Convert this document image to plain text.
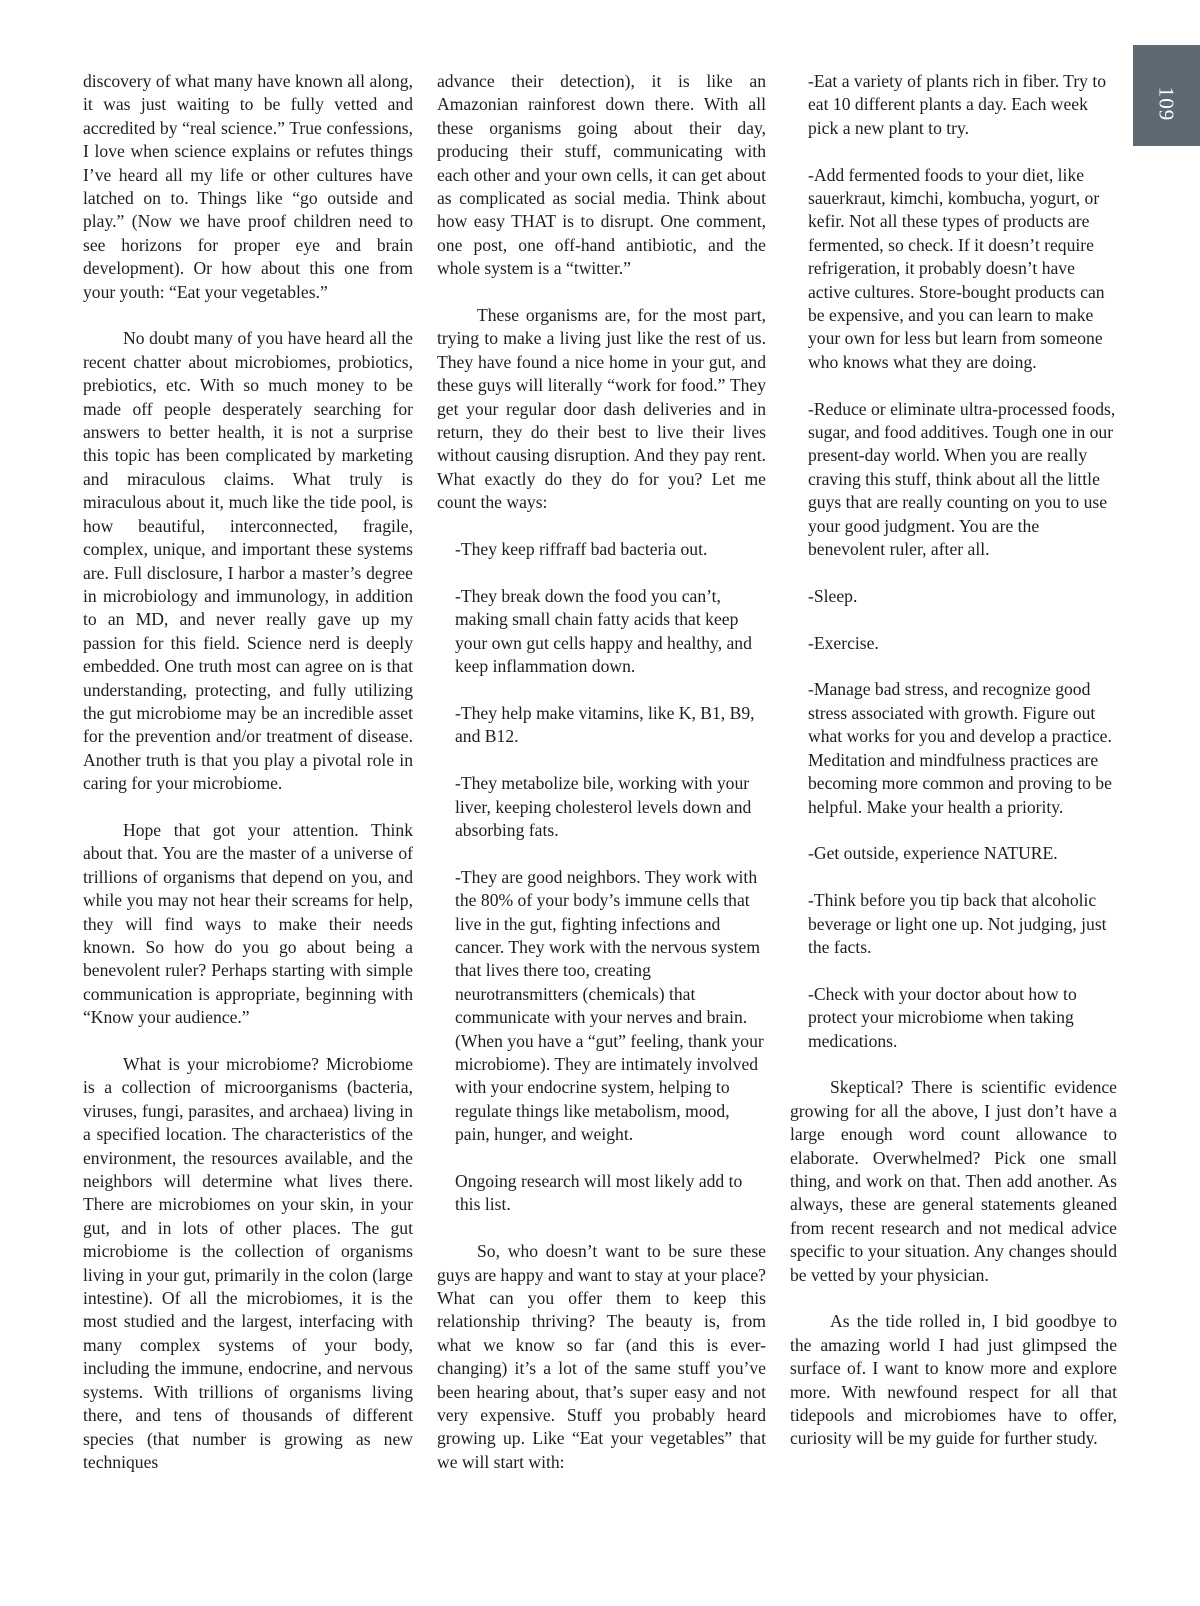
109

discovery of what many have known all along, it was just waiting to be fully vetted and accredited by “real science.” True confessions, I love when science explains or refutes things I’ve heard all my life or other cultures have latched on to. Things like “go outside and play.” (Now we have proof children need to see horizons for proper eye and brain development). Or how about this one from your youth: “Eat your vegetables.”

No doubt many of you have heard all the recent chatter about microbiomes, probiotics, prebiotics, etc. With so much money to be made off people desperately searching for answers to better health, it is not a surprise this topic has been complicated by marketing and miraculous claims. What truly is miraculous about it, much like the tide pool, is how beautiful, interconnected, fragile, complex, unique, and important these systems are. Full disclosure, I harbor a master’s degree in microbiology and immunology, in addition to an MD, and never really gave up my passion for this field. Science nerd is deeply embedded. One truth most can agree on is that understanding, protecting, and fully utilizing the gut microbiome may be an incredible asset for the prevention and/or treatment of disease. Another truth is that you play a pivotal role in caring for your microbiome.

Hope that got your attention. Think about that. You are the master of a universe of trillions of organisms that depend on you, and while you may not hear their screams for help, they will find ways to make their needs known. So how do you go about being a benevolent ruler? Perhaps starting with simple communication is appropriate, beginning with “Know your audience.”

What is your microbiome? Microbiome is a collection of microorganisms (bacteria, viruses, fungi, parasites, and archaea) living in a specified location. The characteristics of the environment, the resources available, and the neighbors will determine what lives there. There are microbiomes on your skin, in your gut, and in lots of other places. The gut microbiome is the collection of organisms living in your gut, primarily in the colon (large intestine). Of all the microbiomes, it is the most studied and the largest, interfacing with many complex systems of your body, including the immune, endocrine, and nervous systems. With trillions of organisms living there, and tens of thousands of different species (that number is growing as new techniques

advance their detection), it is like an Amazonian rainforest down there. With all these organisms going about their day, producing their stuff, communicating with each other and your own cells, it can get about as complicated as social media. Think about how easy THAT is to disrupt. One comment, one post, one off-hand antibiotic, and the whole system is a “twitter.”

These organisms are, for the most part, trying to make a living just like the rest of us. They have found a nice home in your gut, and these guys will literally “work for food.” They get your regular door dash deliveries and in return, they do their best to live their lives without causing disruption. And they pay rent. What exactly do they do for you? Let me count the ways:

-They keep riffraff bad bacteria out.

-They break down the food you can’t, making small chain fatty acids that keep your own gut cells happy and healthy, and keep inflammation down.

-They help make vitamins, like K, B1, B9, and B12.

-They metabolize bile, working with your liver, keeping cholesterol levels down and absorbing fats.

-They are good neighbors. They work with the 80% of your body’s immune cells that live in the gut, fighting infections and cancer. They work with the nervous system that lives there too, creating neurotransmitters (chemicals) that communicate with your nerves and brain. (When you have a “gut” feeling, thank your microbiome). They are intimately involved with your endocrine system, helping to regulate things like metabolism, mood, pain, hunger, and weight.

Ongoing research will most likely add to this list.

So, who doesn’t want to be sure these guys are happy and want to stay at your place? What can you offer them to keep this relationship thriving? The beauty is, from what we know so far (and this is ever-changing) it’s a lot of the same stuff you’ve been hearing about, that’s super easy and not very expensive. Stuff you probably heard growing up. Like “Eat your vegetables” that we will start with:

-Eat a variety of plants rich in fiber. Try to eat 10 different plants a day. Each week pick a new plant to try.

-Add fermented foods to your diet, like sauerkraut, kimchi, kombucha, yogurt, or kefir. Not all these types of products are fermented, so check. If it doesn’t require refrigeration, it probably doesn’t have active cultures. Store-bought products can be expensive, and you can learn to make your own for less but learn from someone who knows what they are doing.

-Reduce or eliminate ultra-processed foods, sugar, and food additives. Tough one in our present-day world. When you are really craving this stuff, think about all the little guys that are really counting on you to use your good judgment. You are the benevolent ruler, after all.

-Sleep.

-Exercise.

-Manage bad stress, and recognize good stress associated with growth. Figure out what works for you and develop a practice. Meditation and mindfulness practices are becoming more common and proving to be helpful. Make your health a priority.

-Get outside, experience NATURE.

-Think before you tip back that alcoholic beverage or light one up. Not judging, just the facts.

-Check with your doctor about how to protect your microbiome when taking medications.

Skeptical? There is scientific evidence growing for all the above, I just don’t have a large enough word count allowance to elaborate. Overwhelmed? Pick one small thing, and work on that. Then add another. As always, these are general statements gleaned from recent research and not medical advice specific to your situation. Any changes should be vetted by your physician.

As the tide rolled in, I bid goodbye to the amazing world I had just glimpsed the surface of. I want to know more and explore more. With newfound respect for all that tidepools and microbiomes have to offer, curiosity will be my guide for further study.
